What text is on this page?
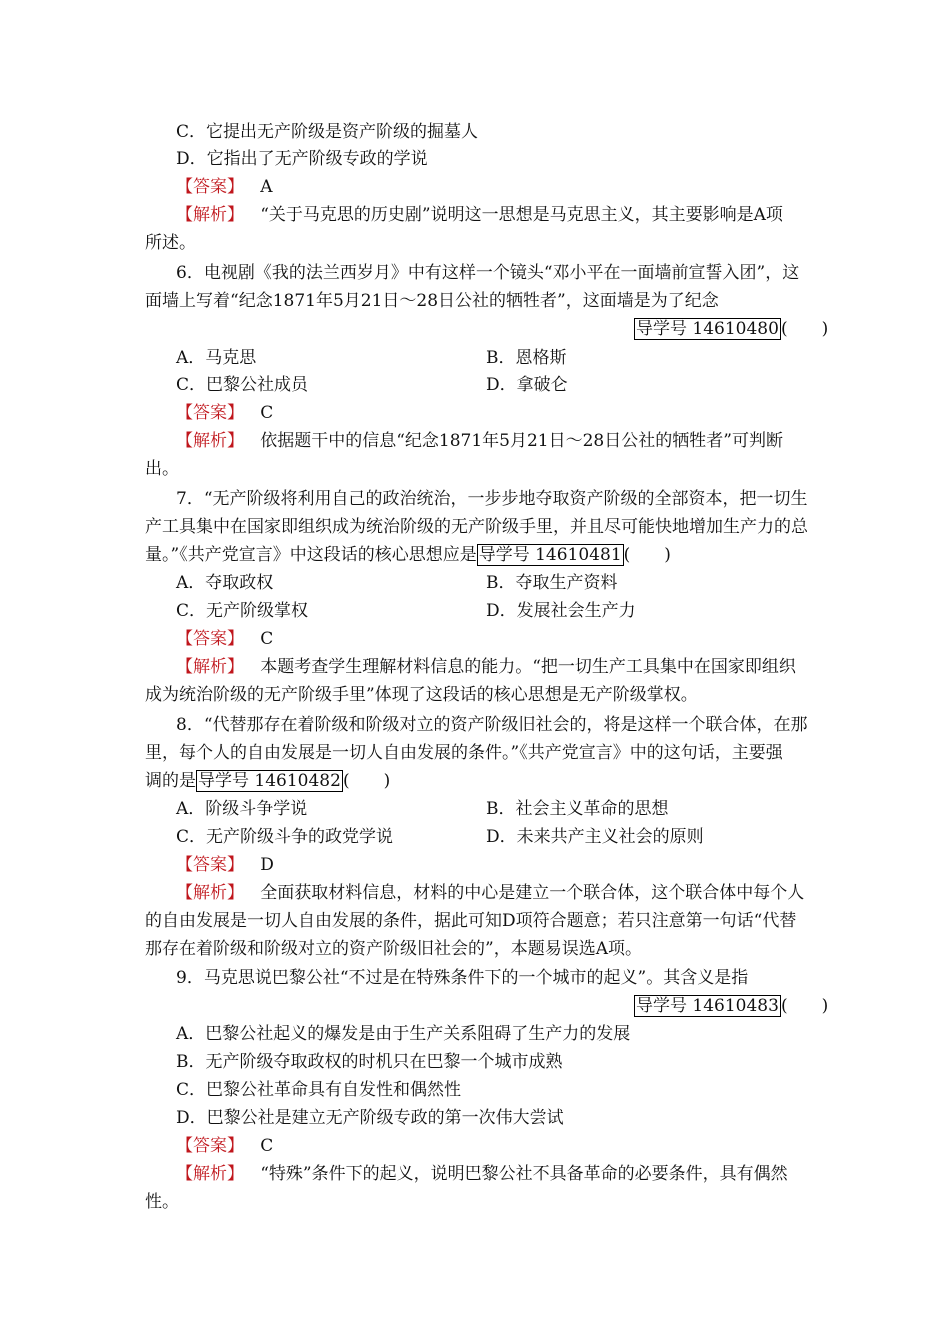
C．它提出无产阶级是资产阶级的掘墓人
D．它指出了无产阶级专政的学说
【答案】 A
【解析】 “关于马克思的历史剧”说明这一思想是马克思主义，其主要影响是A项
所述。
6．电视剧《我的法兰西岁月》中有这样一个镜头“邓小平在一面墙前宣誓入团”，这
面墙上写着“纪念1871年5月21日～28日公社的牺牲者”，这面墙是为了纪念
导学号 14610480 (　　)
A．马克思	B．恩格斯
C．巴黎公社成员	D．拿破仑
【答案】 C
【解析】 依据题干中的信息“纪念1871年5月21日～28日公社的牺牲者”可判断
出。
7．“无产阶级将利用自己的政治统治，一步步地夺取资产阶级的全部资本，把一切生
产工具集中在国家即组织成为统治阶级的无产阶级手里，并且尽可能快地增加生产力的总
量。”《共产党宣言》中这段话的核心思想应是 导学号 14610481 (　　)
A．夺取政权	B．夺取生产资料
C．无产阶级掌权	D．发展社会生产力
【答案】 C
【解析】 本题考查学生理解材料信息的能力。“把一切生产工具集中在国家即组织
成为统治阶级的无产阶级手里”体现了这段话的核心思想是无产阶级掌权。
8．“代替那存在着阶级和阶级对立的资产阶级旧社会的，将是这样一个联合体，在那
里，每个人的自由发展是一切人自由发展的条件。”《共产党宣言》中的这句话，主要强
调的是 导学号 14610482 (　　)
A．阶级斗争学说	B．社会主义革命的思想
C．无产阶级斗争的政党学说	D．未来共产主义社会的原则
【答案】 D
【解析】 全面获取材料信息，材料的中心是建立一个联合体，这个联合体中每个人
的自由发展是一切人自由发展的条件，据此可知D项符合题意；若只注意第一句话“代替
那存在着阶级和阶级对立的资产阶级旧社会的”，本题易误选A项。
9．马克思说巴黎公社“不过是在特殊条件下的一个城市的起义”。其含义是指
导学号 14610483 (　　)
A．巴黎公社起义的爆发是由于生产关系阻碍了生产力的发展
B．无产阶级夺取政权的时机只在巴黎一个城市成熟
C．巴黎公社革命具有自发性和偶然性
D．巴黎公社是建立无产阶级专政的第一次伟大尝试
【答案】 C
【解析】 “特殊”条件下的起义，说明巴黎公社不具备革命的必要条件，具有偶然
性。
